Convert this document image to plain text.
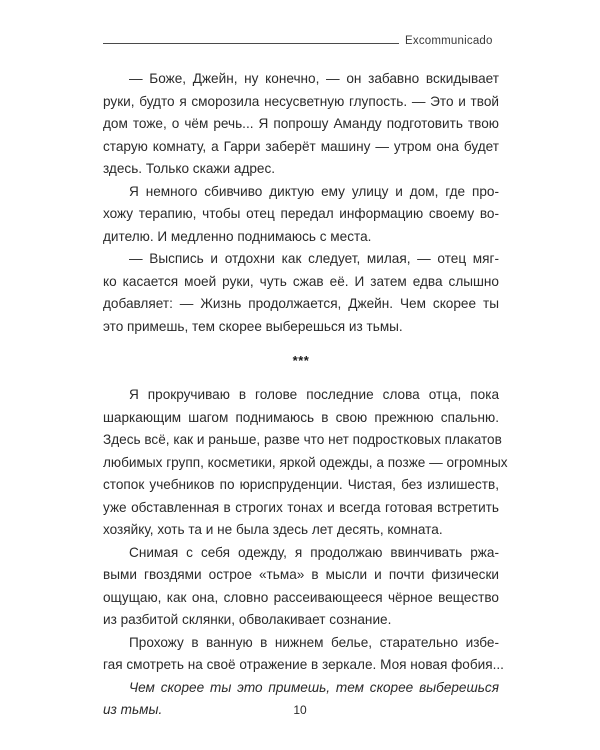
Excommunicado
— Боже, Джейн, ну конечно, — он забавно вскидывает
руки, будто я сморозила несусветную глупость. — Это и твой
дом тоже, о чём речь... Я попрошу Аманду подготовить твою
старую комнату, а Гарри заберёт машину — утром она будет
здесь. Только скажи адрес.
Я немного сбивчиво диктую ему улицу и дом, где про-
хожу терапию, чтобы отец передал информацию своему во-
дителю. И медленно поднимаюсь с места.
— Выспись и отдохни как следует, милая, — отец мяг-
ко касается моей руки, чуть сжав её. И затем едва слышно
добавляет: — Жизнь продолжается, Джейн. Чем скорее ты
это примешь, тем скорее выберешься из тьмы.
***
Я прокручиваю в голове последние слова отца, пока
шаркающим шагом поднимаюсь в свою прежнюю спальню.
Здесь всё, как и раньше, разве что нет подростковых плакатов
любимых групп, косметики, яркой одежды, а позже — огромных
стопок учебников по юриспруденции. Чистая, без излишеств,
уже обставленная в строгих тонах и всегда готовая встретить
хозяйку, хоть та и не была здесь лет десять, комната.
Снимая с себя одежду, я продолжаю ввинчивать ржа-
выми гвоздями острое «тьма» в мысли и почти физически
ощущаю, как она, словно рассеивающееся чёрное вещество
из разбитой склянки, обволакивает сознание.
Прохожу в ванную в нижнем белье, старательно избе-
гая смотреть на своё отражение в зеркале. Моя новая фобия...
Чем скорее ты это примешь, тем скорее выберешься
из тьмы.	10
